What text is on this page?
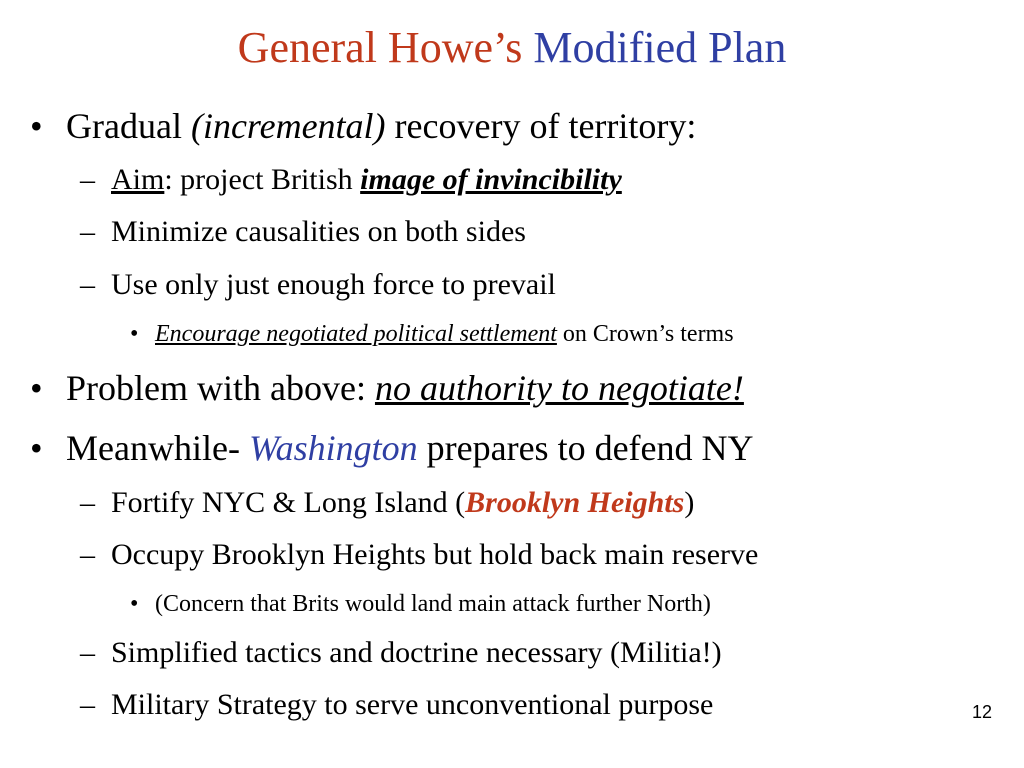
General Howe’s Modified Plan
• Gradual (incremental) recovery of territory:
– Aim: project British image of invincibility
– Minimize causalities on both sides
– Use only just enough force to prevail
• Encourage negotiated political settlement on Crown’s terms
• Problem with above: no authority to negotiate!
• Meanwhile- Washington prepares to defend NY
– Fortify NYC & Long Island (Brooklyn Heights)
– Occupy Brooklyn Heights but hold back main reserve
• (Concern that Brits would land main attack further North)
– Simplified tactics and doctrine necessary (Militia!)
– Military Strategy to serve unconventional purpose	12
